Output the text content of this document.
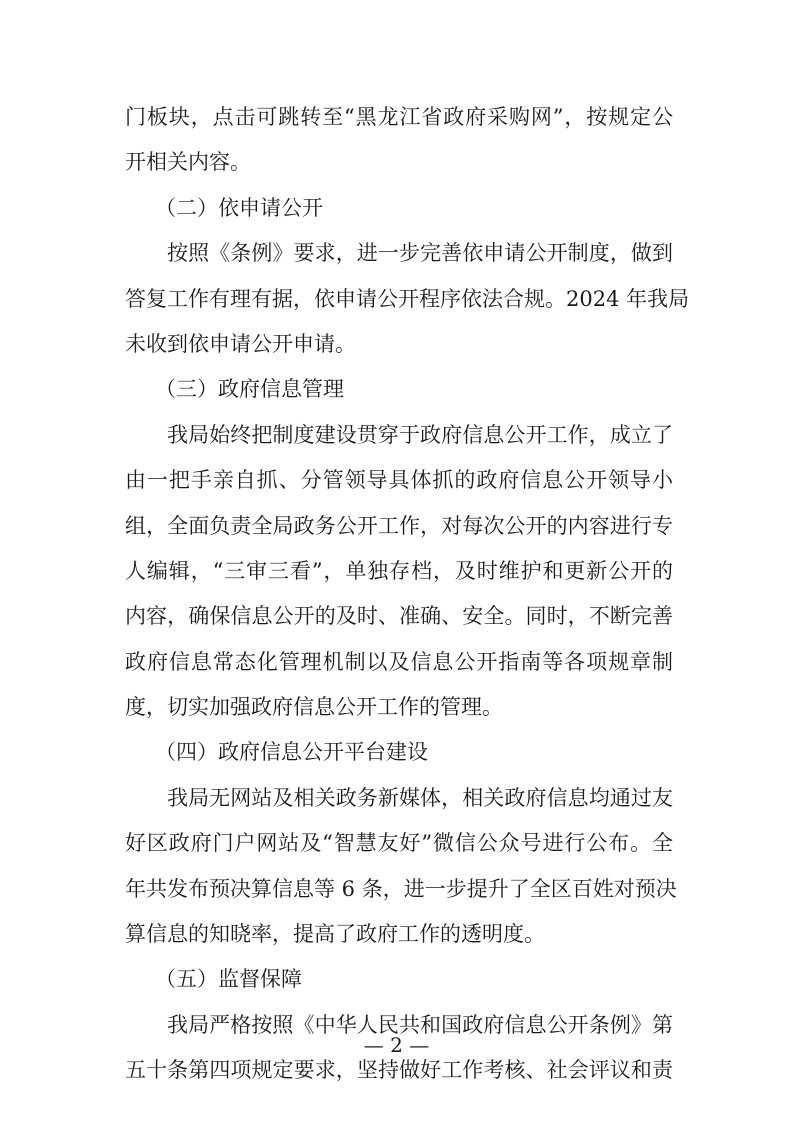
门板块，点击可跳转至“黑龙江省政府采购网”，按规定公
开相关内容。
（二）依申请公开
按照《条例》要求，进一步完善依申请公开制度，做到
答复工作有理有据，依申请公开程序依法合规。2024 年我局
未收到依申请公开申请。
（三）政府信息管理
我局始终把制度建设贯穿于政府信息公开工作，成立了
由一把手亲自抓、分管领导具体抓的政府信息公开领导小
组，全面负责全局政务公开工作，对每次公开的内容进行专
人编辑，“三审三看”，单独存档，及时维护和更新公开的
内容，确保信息公开的及时、准确、安全。同时，不断完善
政府信息常态化管理机制以及信息公开指南等各项规章制
度，切实加强政府信息公开工作的管理。
（四）政府信息公开平台建设
我局无网站及相关政务新媒体，相关政府信息均通过友
好区政府门户网站及“智慧友好”微信公众号进行公布。全
年共发布预决算信息等 6 条，进一步提升了全区百姓对预决
算信息的知晓率，提高了政府工作的透明度。
（五）监督保障
我局严格按照《中华人民共和国政府信息公开条例》第
五十条第四项规定要求，坚持做好工作考核、社会评议和责
— 2 —
